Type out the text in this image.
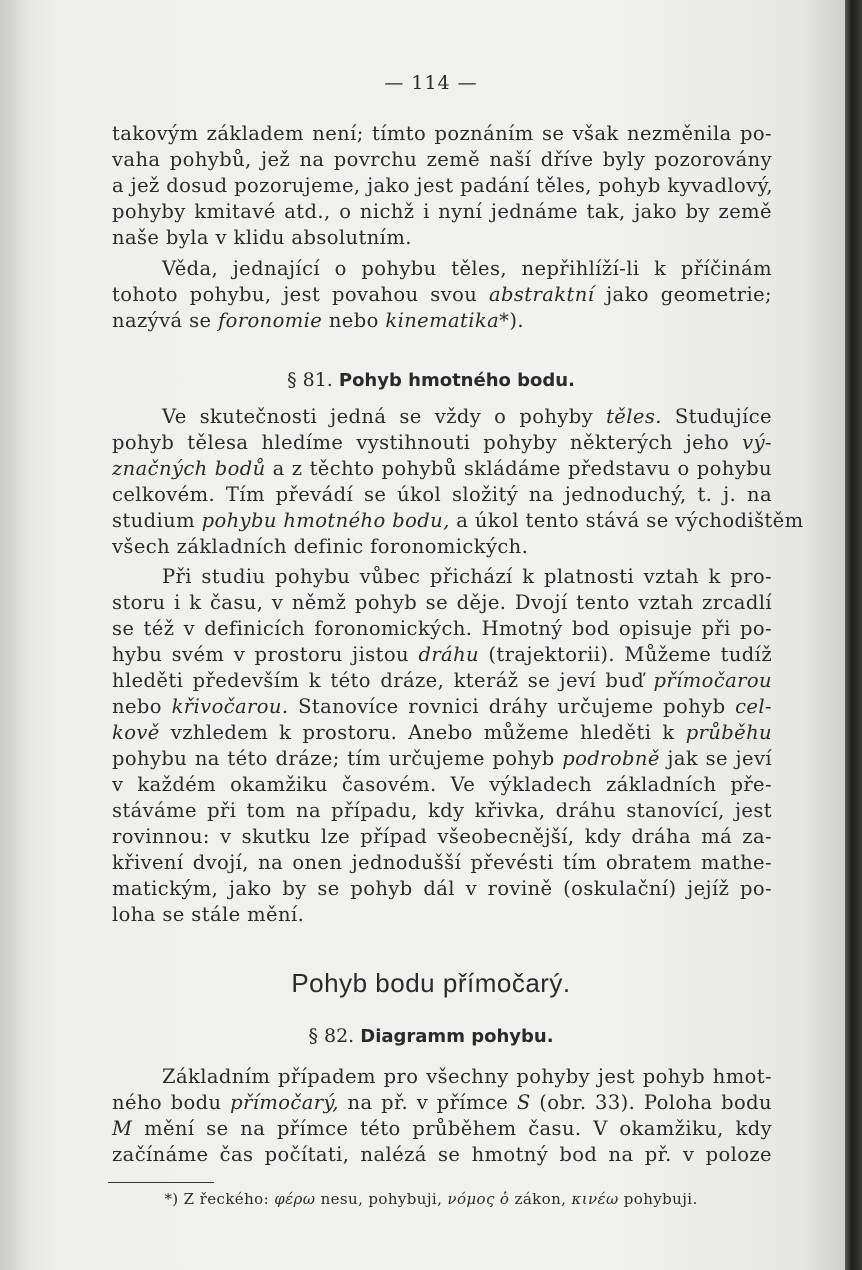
— 114 —
takovým základem není; tímto poznáním se však nezměnila po-
vaha pohybů, jež na povrchu země naší dříve byly pozorovány
a jež dosud pozorujeme, jako jest padání těles, pohyb kyvadlový,
pohyby kmitavé atd., o nichž i nyní jednáme tak, jako by země
naše byla v klidu absolutním.
Věda, jednající o pohybu těles, nepřihlíží-li k příčinám
tohoto pohybu, jest povahou svou abstraktní jako geometrie;
nazývá se foronomie nebo kinematika*).
§ 81. Pohyb hmotného bodu.
Ve skutečnosti jedná se vždy o pohyby těles. Studujíce
pohyb tělesa hledíme vystihnouti pohyby některých jeho vý-
značných bodů a z těchto pohybů skládáme představu o pohybu
celkovém. Tím převádí se úkol složitý na jednoduchý, t. j. na
studium pohybu hmotného bodu, a úkol tento stává se východištěm
všech základních definic foronomických.
Při studiu pohybu vůbec přichází k platnosti vztah k pro-
storu i k času, v němž pohyb se děje. Dvojí tento vztah zrcadlí
se též v definicích foronomických. Hmotný bod opisuje při po-
hybu svém v prostoru jistou dráhu (trajektorii). Můžeme tudíž
hleděti především k této dráze, kteráž se jeví buď přímočarou
nebo křivočarou. Stanovíce rovnici dráhy určujeme pohyb cel-
kově vzhledem k prostoru. Anebo můžeme hleděti k průběhu
pohybu na této dráze; tím určujeme pohyb podrobně jak se jeví
v každém okamžiku časovém. Ve výkladech základních pře-
stáváme při tom na případu, kdy křivka, dráhu stanovící, jest
rovinnou: v skutku lze případ všeobecnější, kdy dráha má za-
křivení dvojí, na onen jednodušší převésti tím obratem mathe-
matickým, jako by se pohyb dál v rovině (oskulační) jejíž po-
loha se stále mění.
Pohyb bodu přímočarý.
§ 82. Diagramm pohybu.
Základním případem pro všechny pohyby jest pohyb hmot-
ného bodu přímočarý, na př. v přímce S (obr. 33). Poloha bodu
M mění se na přímce této průběhem času. V okamžiku, kdy
začínáme čas počítati, nalézá se hmotný bod na př. v poloze
*) Z řeckého: φέρω nesu, pohybuji, νόμος ὁ zákon, κινέω pohybuji.
